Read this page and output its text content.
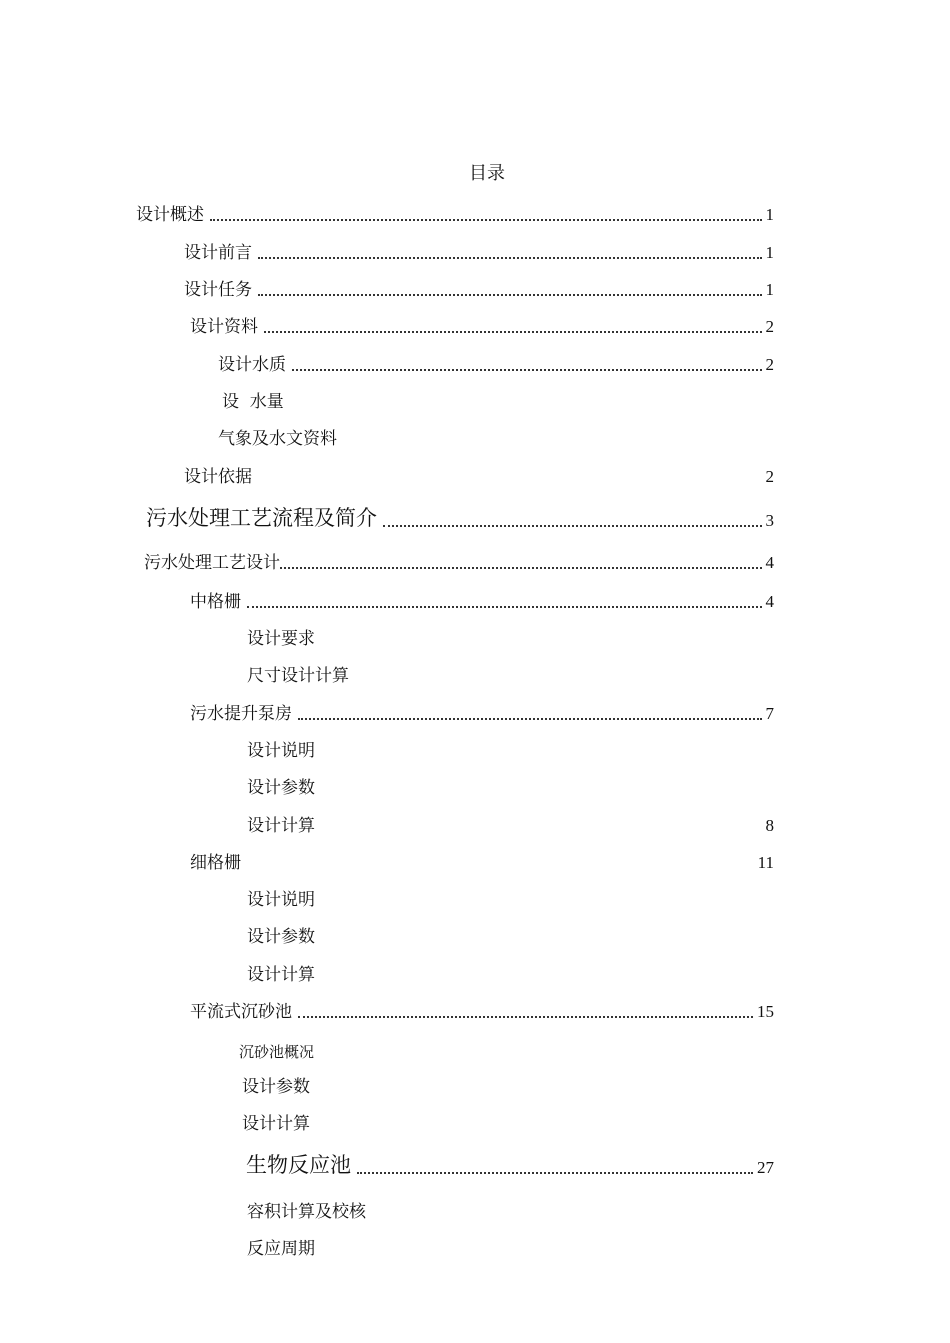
目录
设计概述	1
设计前言	1
设计任务	1
设计资料	2
设计水质	2
设  水量
气象及水文资料
设计依据	2
污水处理工艺流程及简介	3
污水处理工艺设计	4
中格栅	4
设计要求
尺寸设计计算
污水提升泵房	7
设计说明
设计参数
设计计算	8
细格栅	11
设计说明
设计参数
设计计算
平流式沉砂池	15
沉砂池概况
设计参数
设计计算
生物反应池	27
容积计算及校核
反应周期
